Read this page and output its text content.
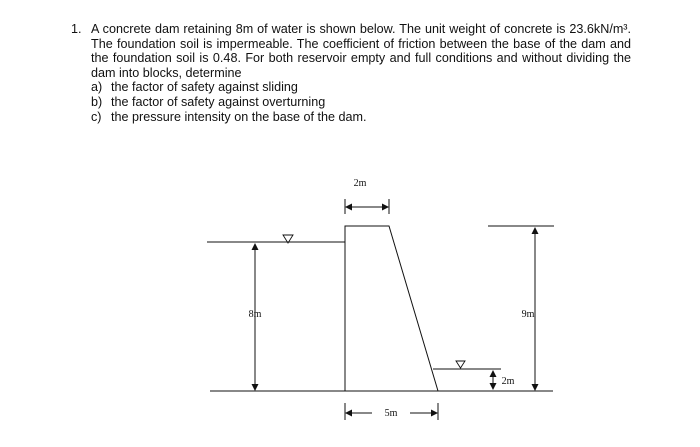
1. A concrete dam retaining 8m of water is shown below. The unit weight of concrete is 23.6kN/m³. The foundation soil is impermeable. The coefficient of friction between the base of the dam and the foundation soil is 0.48. For both reservoir empty and full conditions and without dividing the dam into blocks, determine
a) the factor of safety against sliding
b) the factor of safety against overturning
c) the pressure intensity on the base of the dam.
2m
8m
5m
9m
2m
